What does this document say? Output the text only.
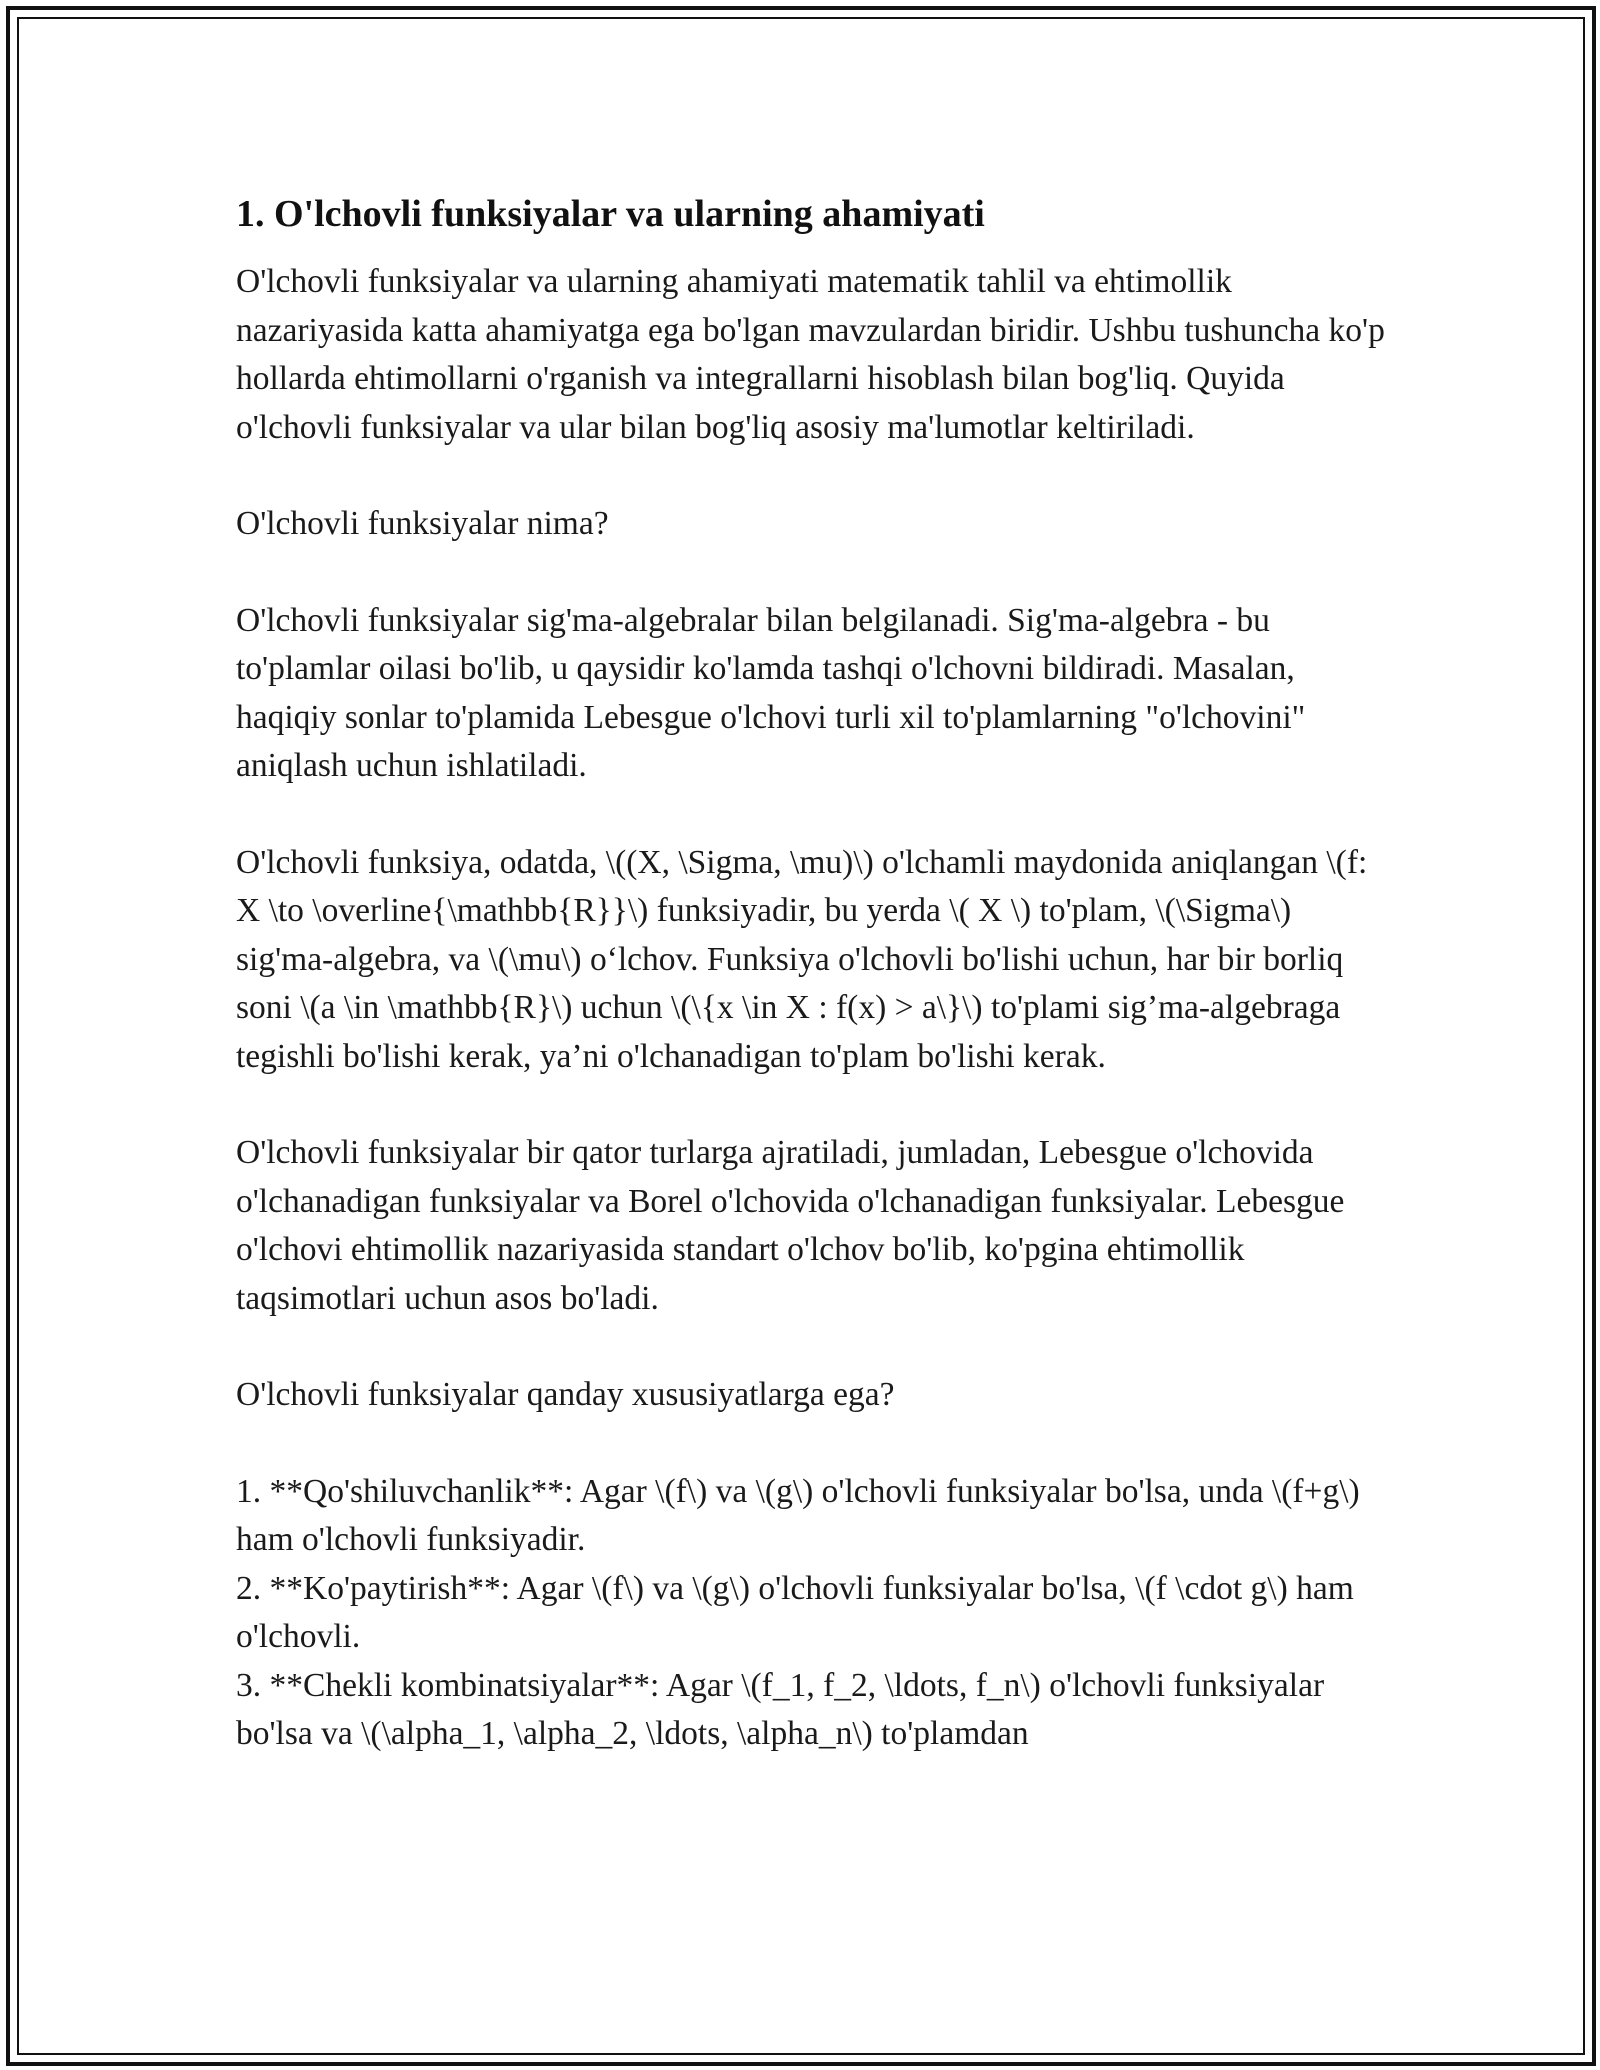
1. O'lchovli funksiyalar va ularning ahamiyati

O'lchovli funksiyalar va ularning ahamiyati matematik tahlil va ehtimollik nazariyasida katta ahamiyatga ega bo'lgan mavzulardan biridir. Ushbu tushuncha ko'p hollarda ehtimollarni o'rganish va integrallarni hisoblash bilan bog'liq. Quyida o'lchovli funksiyalar va ular bilan bog'liq asosiy ma'lumotlar keltiriladi.

O'lchovli funksiyalar nima?

O'lchovli funksiyalar sig'ma-algebralar bilan belgilanadi. Sig'ma-algebra - bu to'plamlar oilasi bo'lib, u qaysidir ko'lamda tashqi o'lchovni bildiradi. Masalan, haqiqiy sonlar to'plamida Lebesgue o'lchovi turli xil to'plamlarning "o'lchovini" aniqlash uchun ishlatiladi.

O'lchovli funksiya, odatda, \((X, \Sigma, \mu)\) o'lchamli maydonida aniqlangan \(f: X \to \overline{\mathbb{R}}\) funksiyadir, bu yerda \( X \) to'plam, \(\Sigma\) sig'ma-algebra, va \(\mu\) o‘lchov. Funksiya o'lchovli bo'lishi uchun, har bir borliq soni \(a \in \mathbb{R}\) uchun \(\{x \in X : f(x) > a\}\) to'plami sig’ma-algebraga tegishli bo'lishi kerak, ya’ni o'lchanadigan to'plam bo'lishi kerak.

O'lchovli funksiyalar bir qator turlarga ajratiladi, jumladan, Lebesgue o'lchovida o'lchanadigan funksiyalar va Borel o'lchovida o'lchanadigan funksiyalar. Lebesgue o'lchovi ehtimollik nazariyasida standart o'lchov bo'lib, ko'pgina ehtimollik taqsimotlari uchun asos bo'ladi.

O'lchovli funksiyalar qanday xususiyatlarga ega?

1. **Qo'shiluvchanlik**: Agar \(f\) va \(g\) o'lchovli funksiyalar bo'lsa, unda \(f+g\) ham o'lchovli funksiyadir.

2. **Ko'paytirish**: Agar \(f\) va \(g\) o'lchovli funksiyalar bo'lsa, \(f \cdot g\) ham o'lchovli.

3. **Chekli kombinatsiyalar**: Agar \(f_1, f_2, \ldots, f_n\) o'lchovli funksiyalar bo'lsa va \(\alpha_1, \alpha_2, \ldots, \alpha_n\) to'plamdan
